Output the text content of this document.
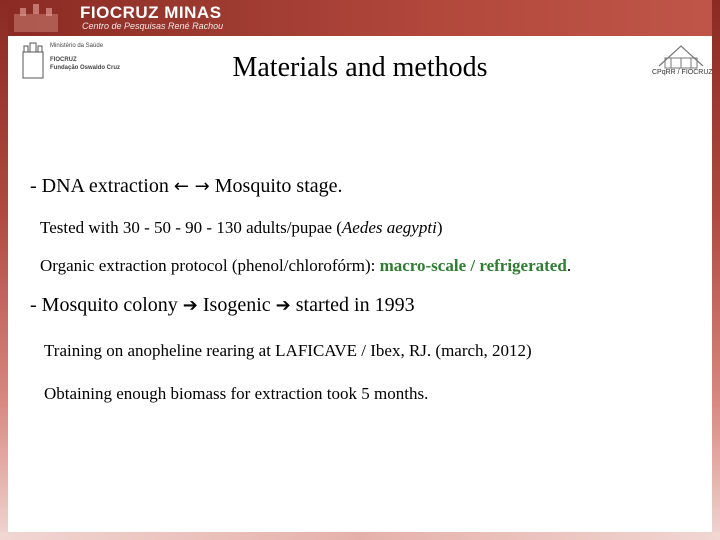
FIOCRUZ MINAS
Centro de Pesquisas René Rachou
Ministério da Saúde
FIOCRUZ
Fundação Oswaldo Cruz
CPqRR / FIOCRUZ
Materials and methods
- DNA extraction ← → Mosquito stage.
Tested with 30 - 50 - 90 - 130 adults/pupae (Aedes aegypti)
Organic extraction protocol (phenol/chlorofórm): macro-scale / refrigerated.
- Mosquito colony ➔ Isogenic ➔ started in 1993
Training on anopheline rearing at LAFICAVE / Ibex, RJ. (march, 2012)
Obtaining enough biomass for extraction took 5 months.
